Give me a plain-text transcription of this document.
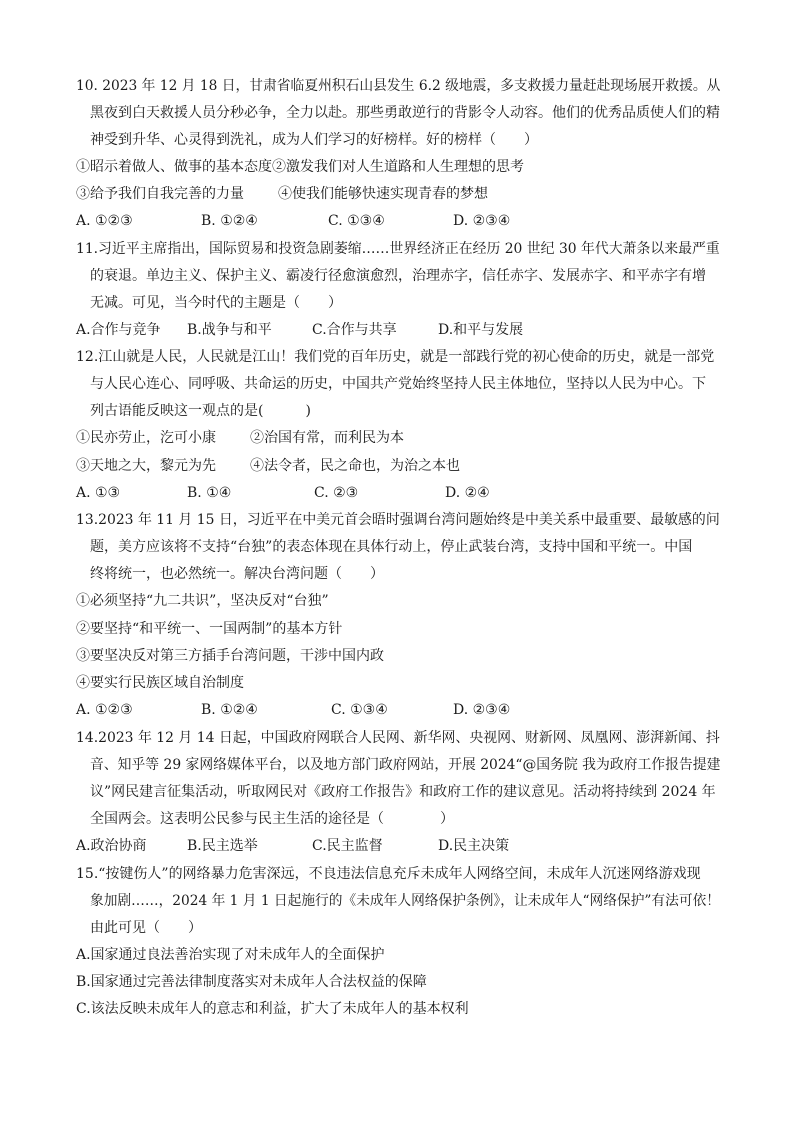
10. 2023 年 12 月 18 日，甘肃省临夏州积石山县发生 6.2 级地震，多支救援力量赶赴现场展开救援。从
黑夜到白天救援人员分秒必争，全力以赴。那些勇敢逆行的背影令人动容。他们的优秀品质使人们的精
神受到升华、心灵得到洗礼，成为人们学习的好榜样。好的榜样（　　）
①昭示着做人、做事的基本态度②激发我们对人生道路和人生理想的思考
③给予我们自我完善的力量 ④使我们能够快速实现青春的梦想
A. ①②③	B. ①②④	C. ①③④	D. ②③④
11.习近平主席指出，国际贸易和投资急剧萎缩……世界经济正在经历 20 世纪 30 年代大萧条以来最严重
的衰退。单边主义、保护主义、霸凌行径愈演愈烈，治理赤字，信任赤字、发展赤字、和平赤字有增
无减。可见，当今时代的主题是（　　）
A.合作与竞争 B.战争与和平	C.合作与共享	D.和平与发展
12.江山就是人民，人民就是江山！我们党的百年历史，就是一部践行党的初心使命的历史，就是一部党
与人民心连心、同呼吸、共命运的历史，中国共产党始终坚持人民主体地位，坚持以人民为中心。下
列古语能反映这一观点的是(　　　)
①民亦劳止，汔可小康 ②治国有常，而利民为本
③天地之大，黎元为先 ④法令者，民之命也，为治之本也
A. ①③	B. ①④	C. ②③	D. ②④
13.2023 年 11 月 15 日，习近平在中美元首会晤时强调台湾问题始终是中美关系中最重要、最敏感的问
题，美方应该将不支持“台独”的表态体现在具体行动上，停止武装台湾，支持中国和平统一。中国
终将统一，也必然统一。解决台湾问题（　　）
①必须坚持“九二共识”，坚决反对“台独”
②要坚持“和平统一、一国两制”的基本方针
③要坚决反对第三方插手台湾问题，干涉中国内政
④要实行民族区域自治制度
A. ①②③	B. ①②④	C. ①③④	D. ②③④
14.2023 年 12 月 14 日起，中国政府网联合人民网、新华网、央视网、财新网、凤凰网、澎湃新闻、抖
音、知乎等 29 家网络媒体平台，以及地方部门政府网站，开展 2024“@国务院 我为政府工作报告提建
议”网民建言征集活动，听取网民对《政府工作报告》和政府工作的建议意见。活动将持续到 2024 年
全国两会。这表明公民参与民主生活的途径是（　　　　）
A.政治协商	B.民主选举	C.民主监督	D.民主决策
15.“按键伤人”的网络暴力危害深远，不良违法信息充斥未成年人网络空间，未成年人沉迷网络游戏现
象加剧……，2024 年 1 月 1 日起施行的《未成年人网络保护条例》，让未成年人“网络保护”有法可依！
由此可见（　　）
A.国家通过良法善治实现了对未成年人的全面保护
B.国家通过完善法律制度落实对未成年人合法权益的保障
C.该法反映未成年人的意志和利益，扩大了未成年人的基本权利
